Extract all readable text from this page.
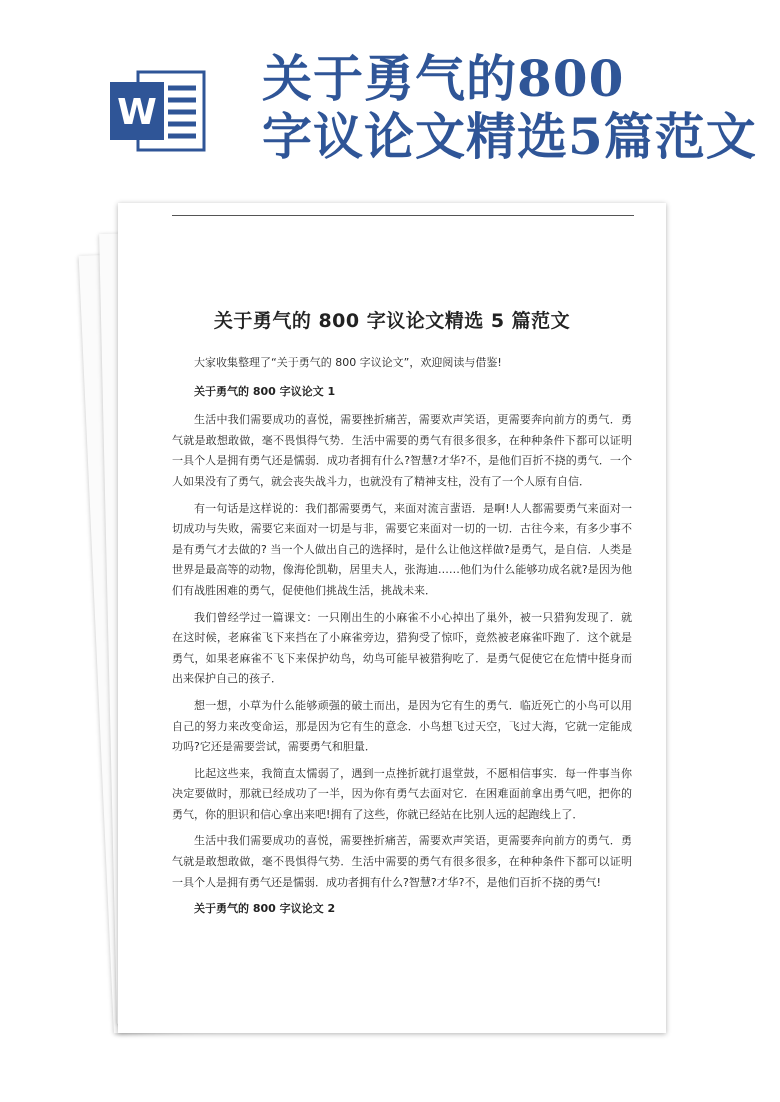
W
关于勇气的800
字议论文精选5篇范文
关于勇气的 800 字议论文精选 5 篇范文

大家收集整理了“关于勇气的 800 字议论文”，欢迎阅读与借鉴!

关于勇气的 800 字议论文 1

生活中我们需要成功的喜悦，需要挫折痛苦，需要欢声笑语，更需要奔向前方的勇气．勇气就是敢想敢做，毫不畏惧得气势．生活中需要的勇气有很多很多，在种种条件下都可以证明一具个人是拥有勇气还是懦弱．成功者拥有什么?智慧?才华?不，是他们百折不挠的勇气．一个人如果没有了勇气，就会丧失战斗力，也就没有了精神支柱，没有了一个人原有自信．

有一句话是这样说的：我们都需要勇气，来面对流言蜚语．是啊!人人都需要勇气来面对一切成功与失败，需要它来面对一切是与非，需要它来面对一切的一切．古往今来，有多少事不是有勇气才去做的? 当一个人做出自己的选择时，是什么让他这样做?是勇气，是自信．人类是世界是最高等的动物，像海伦凯勒，居里夫人，张海迪……他们为什么能够功成名就?是因为他们有战胜困难的勇气，促使他们挑战生活，挑战未来．

我们曾经学过一篇课文：一只刚出生的小麻雀不小心掉出了巢外，被一只猎狗发现了．就在这时候，老麻雀飞下来挡在了小麻雀旁边，猎狗受了惊吓，竟然被老麻雀吓跑了．这个就是勇气，如果老麻雀不飞下来保护幼鸟，幼鸟可能早被猎狗吃了．是勇气促使它在危情中挺身而出来保护自己的孩子．

想一想，小草为什么能够顽强的破土而出，是因为它有生的勇气．临近死亡的小鸟可以用自己的努力来改变命运，那是因为它有生的意念．小鸟想飞过天空，飞过大海，它就一定能成功吗?它还是需要尝试，需要勇气和胆量．

比起这些来，我简直太懦弱了，遇到一点挫折就打退堂鼓，不愿相信事实．每一件事当你决定要做时，那就已经成功了一半，因为你有勇气去面对它．在困难面前拿出勇气吧，把你的勇气，你的胆识和信心拿出来吧!拥有了这些，你就已经站在比别人远的起跑线上了．

生活中我们需要成功的喜悦，需要挫折痛苦，需要欢声笑语，更需要奔向前方的勇气．勇气就是敢想敢做，毫不畏惧得气势．生活中需要的勇气有很多很多，在种种条件下都可以证明一具个人是拥有勇气还是懦弱．成功者拥有什么?智慧?才华?不，是他们百折不挠的勇气!

关于勇气的 800 字议论文 2
